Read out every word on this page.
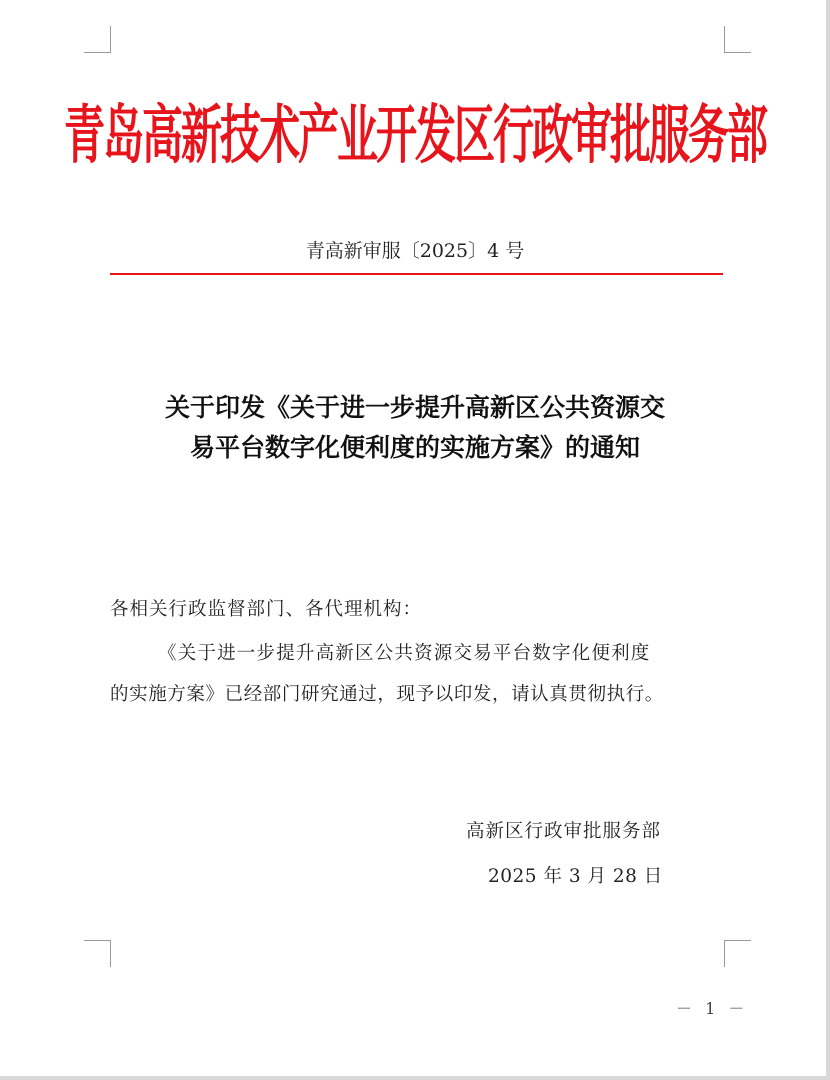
青岛高新技术产业开发区行政审批服务部
青高新审服〔2025〕4 号
关于印发《关于进一步提升高新区公共资源交
易平台数字化便利度的实施方案》的通知
各相关行政监督部门、各代理机构：
《关于进一步提升高新区公共资源交易平台数字化便利度
的实施方案》已经部门研究通过，现予以印发，请认真贯彻执行。
高新区行政审批服务部
2025 年 3 月 28 日
－ 1 －
